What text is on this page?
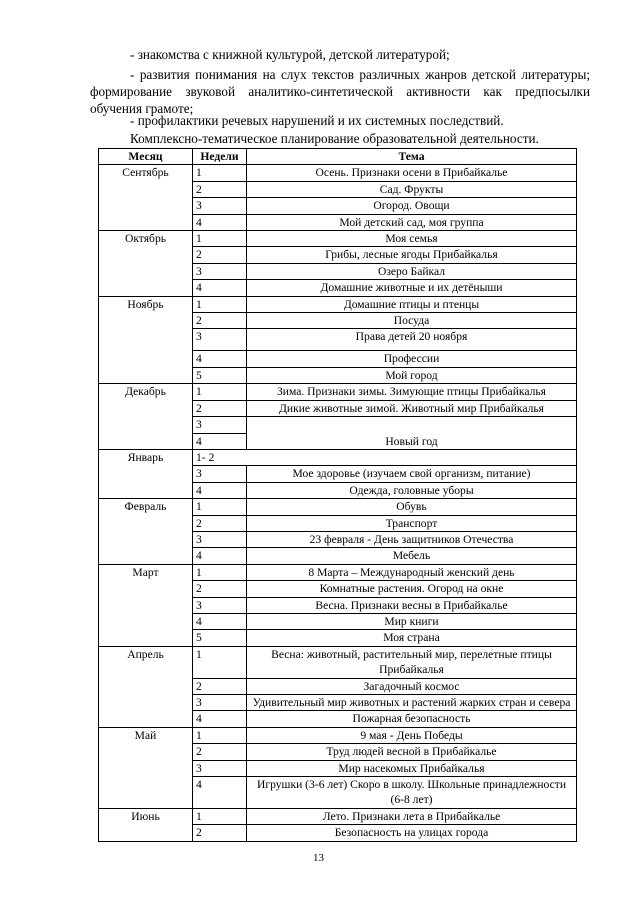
- знакомства с книжной культурой, детской литературой;

- развития понимания на слух текстов различных жанров детской литературы; формирование звуковой аналитико-синтетической активности как предпосылки обучения грамоте;

- профилактики речевых нарушений и их системных последствий.

Комплексно-тематическое планирование образовательной деятельности.

Месяц	Недели	Тема
Сентябрь	1	Осень. Признаки осени в Прибайкалье
	2	Сад. Фрукты
	3	Огород. Овощи
	4	Мой детский сад, моя группа
Октябрь	1	Моя семья
	2	Грибы, лесные ягоды Прибайкалья
	3	Озеро Байкал
	4	Домашние животные и их детёныши
Ноябрь	1	Домашние птицы и птенцы
	2	Посуда
	3	Права детей 20 ноября
	4	Профессии
	5	Мой город
Декабрь	1	Зима. Признаки зимы. Зимующие птицы Прибайкалья
	2	Дикие животные зимой. Животный мир Прибайкалья
	3	Новый год
	4	
Январь	1- 2	
	3	Мое здоровье (изучаем свой организм, питание)
	4	Одежда, головные уборы
Февраль	1	Обувь
	2	Транспорт
	3	23 февраля - День защитников Отечества
	4	Мебель
Март	1	8 Марта – Международный женский день
	2	Комнатные растения. Огород на окне
	3	Весна. Признаки весны в Прибайкалье
	4	Мир книги
	5	Моя страна
Апрель	1	Весна: животный, растительный мир, перелетные птицы Прибайкалья
	2	Загадочный космос
	3	Удивительный мир животных и растений жарких стран и севера
	4	Пожарная безопасность
Май	1	9 мая - День Победы
	2	Труд людей весной в Прибайкалье
	3	Мир насекомых Прибайкалья
	4	Игрушки (3-6 лет) Скоро в школу. Школьные принадлежности (6-8 лет)
Июнь	1	Лето. Признаки лета в Прибайкалье
	2	Безопасность на улицах города
13
